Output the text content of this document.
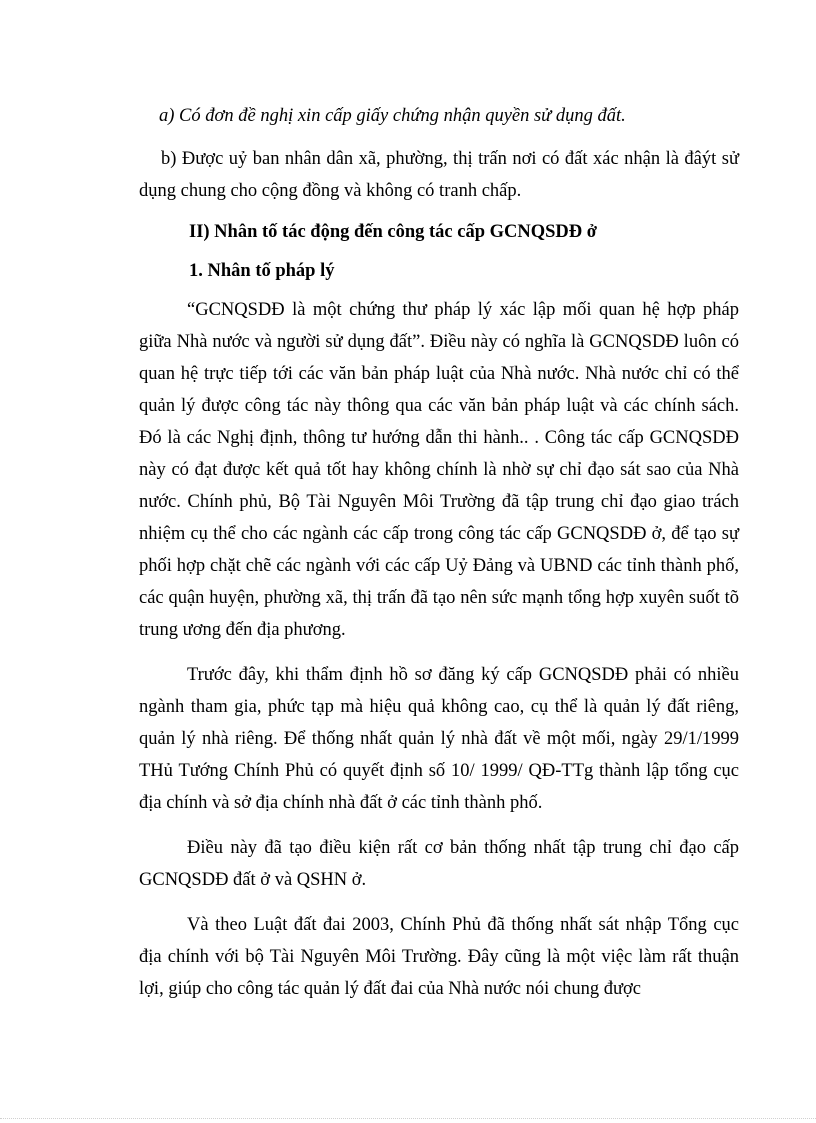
a) Có đơn đề nghị xin cấp giấy chứng nhận quyền sử dụng đất.

b) Được uỷ ban nhân dân xã, phường, thị trấn nơi có đất xác nhận là đâýt sử dụng chung cho cộng đồng và không có tranh chấp.

II) Nhân tố tác động đến công tác cấp GCNQSDĐ ở

1. Nhân tố pháp lý

“GCNQSDĐ là một chứng thư pháp lý xác lập mối quan hệ hợp pháp giữa Nhà nước và người sử dụng đất”. Điều này có nghĩa là GCNQSDĐ luôn có quan hệ trực tiếp tới các văn bản pháp luật của Nhà nước. Nhà nước chỉ có thể quản lý được công tác này thông qua các văn bản pháp luật và các chính sách. Đó là các Nghị định, thông tư hướng dẫn thi hành.. . Công tác cấp GCNQSDĐ này có đạt được kết quả tốt hay không chính là nhờ sự chỉ đạo sát sao của Nhà nước. Chính phủ, Bộ Tài Nguyên Môi Trường đã tập trung chỉ đạo giao trách nhiệm cụ thể cho các ngành các cấp trong công tác cấp GCNQSDĐ ở, để tạo sự phối hợp chặt chẽ các ngành với các cấp Uỷ Đảng và UBND các tỉnh thành phố, các quận huyện, phường xã, thị trấn đã tạo nên sức mạnh tổng hợp xuyên suốt tõ trung ương đến địa phương.

Trước đây, khi thẩm định hồ sơ đăng ký cấp GCNQSDĐ phải có nhiều ngành tham gia, phức tạp mà hiệu quả không cao, cụ thể là quản lý đất riêng, quản lý nhà riêng. Để thống nhất quản lý nhà đất về một mối, ngày 29/1/1999 THủ Tướng Chính Phủ có quyết định số 10/ 1999/ QĐ-TTg thành lập tổng cục địa chính và sở địa chính nhà đất ở các tỉnh thành phố.

Điều này đã tạo điều kiện rất cơ bản thống nhất tập trung chỉ đạo cấp GCNQSDĐ đất ở và QSHN ở.

Và theo Luật đất đai 2003, Chính Phủ đã thống nhất sát nhập Tổng cục địa chính với bộ Tài Nguyên Môi Trường. Đây cũng là một việc làm rất thuận lợi, giúp cho công tác quản lý đất đai của Nhà nước nói chung được
